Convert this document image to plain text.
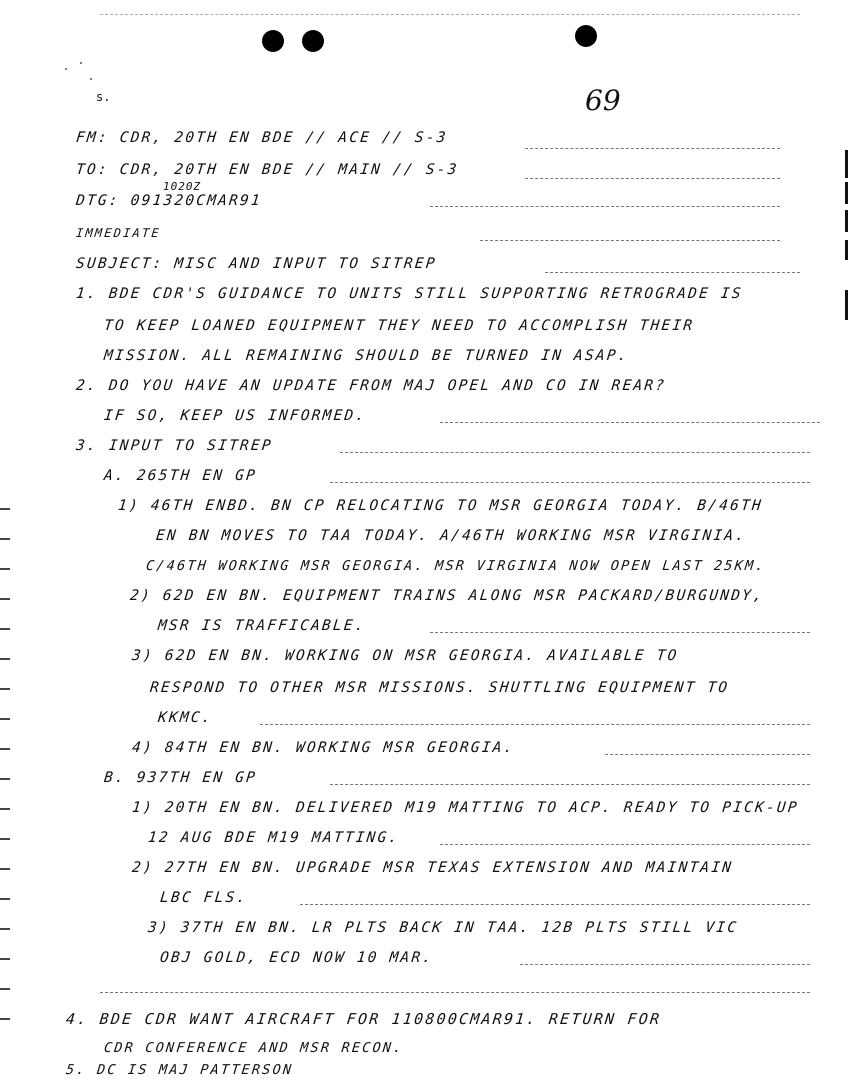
s.	69
FM: CDR, 20TH EN BDE // ACE // S-3
TO: CDR, 20TH EN BDE // MAIN // S-3
1020Z
DTG: 091320CMAR91
IMMEDIATE
SUBJECT: MISC AND INPUT TO SITREP
1. BDE CDR'S GUIDANCE TO UNITS STILL SUPPORTING RETROGRADE IS
TO KEEP LOANED EQUIPMENT THEY NEED TO ACCOMPLISH THEIR
MISSION. ALL REMAINING SHOULD BE TURNED IN ASAP.
2. DO YOU HAVE AN UPDATE FROM MAJ OPEL AND CO IN REAR?
IF SO, KEEP US INFORMED.
3. INPUT TO SITREP
A. 265TH EN GP
1) 46TH ENBD. BN CP RELOCATING TO MSR GEORGIA TODAY. B/46TH
EN BN MOVES TO TAA TODAY. A/46TH WORKING MSR VIRGINIA.
C/46TH WORKING MSR GEORGIA. MSR VIRGINIA NOW OPEN LAST 25KM.
2) 62D EN BN. EQUIPMENT TRAINS ALONG MSR PACKARD/BURGUNDY,
MSR IS TRAFFICABLE.
3) 62D EN BN. WORKING ON MSR GEORGIA. AVAILABLE TO
RESPOND TO OTHER MSR MISSIONS. SHUTTLING EQUIPMENT TO
KKMC.
4) 84TH EN BN. WORKING MSR GEORGIA.
B. 937TH EN GP
1) 20TH EN BN. DELIVERED M19 MATTING TO ACP. READY TO PICK-UP
12 AUG BDE M19 MATTING.
2) 27TH EN BN. UPGRADE MSR TEXAS EXTENSION AND MAINTAIN
LBC FLS.
3) 37TH EN BN. LR PLTS BACK IN TAA. 12B PLTS STILL VIC
OBJ GOLD, ECD NOW 10 MAR.
4. BDE CDR WANT AIRCRAFT FOR 110800CMAR91. RETURN FOR
CDR CONFERENCE AND MSR RECON.
5. DC IS MAJ PATTERSON
